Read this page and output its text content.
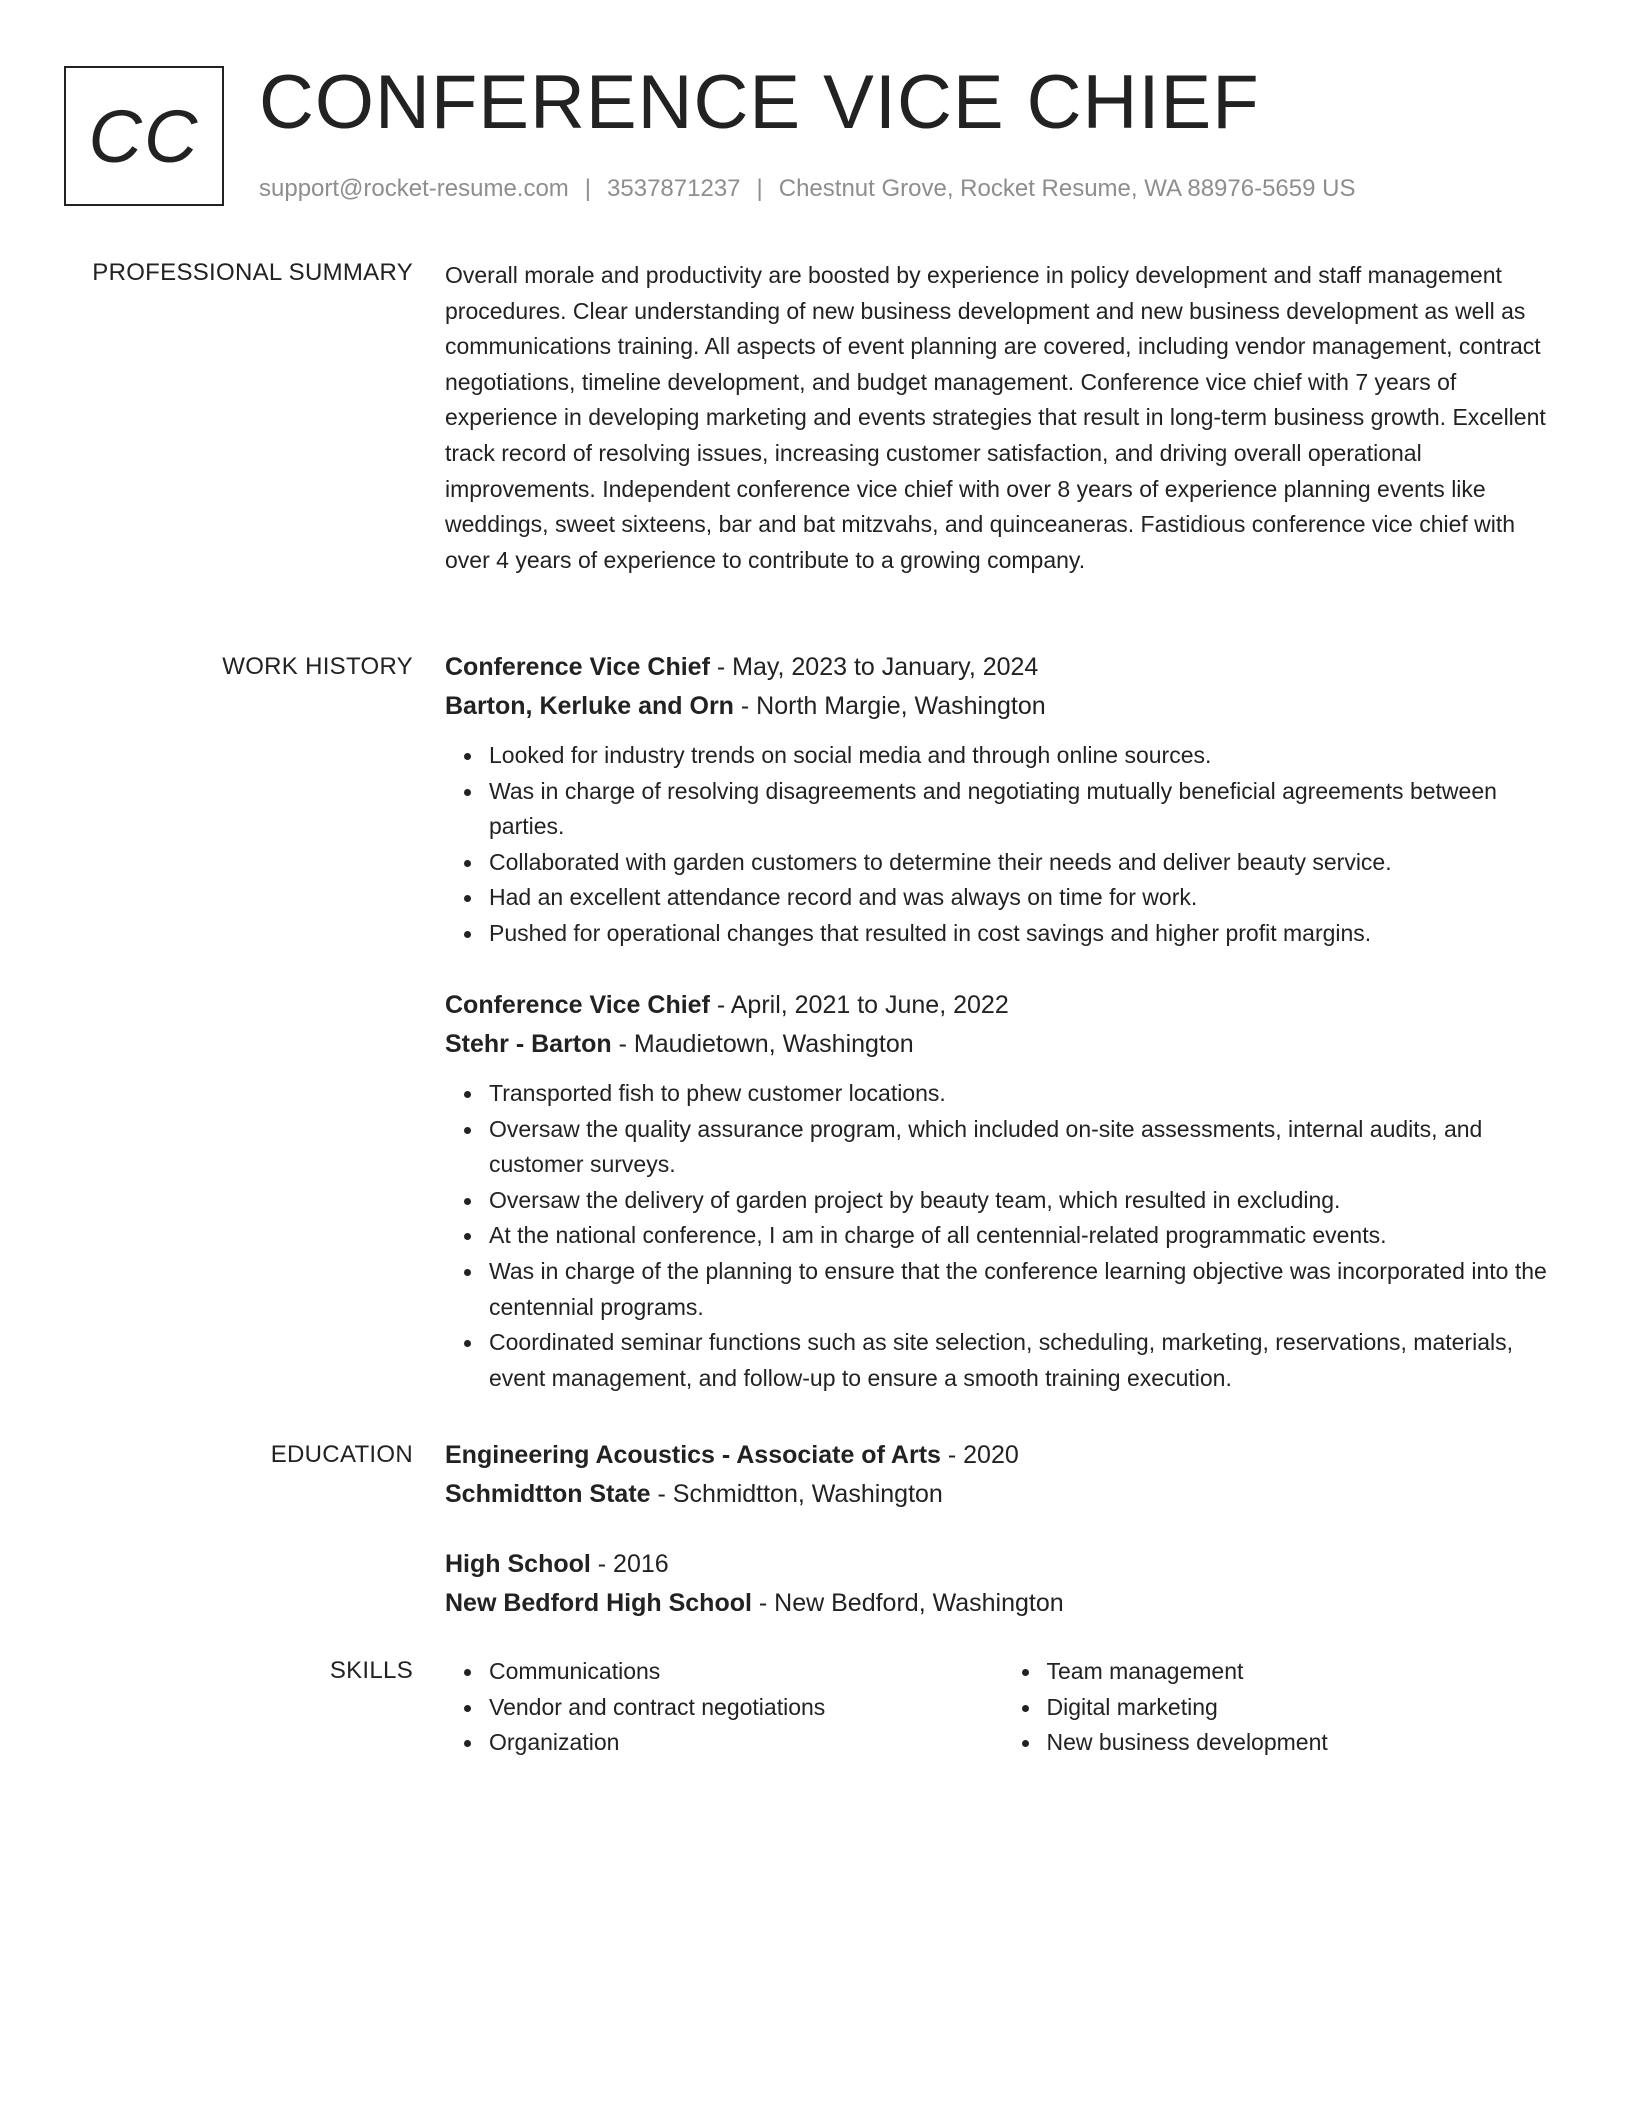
CC CONFERENCE VICE CHIEF
support@rocket-resume.com | 3537871237 | Chestnut Grove, Rocket Resume, WA 88976-5659 US
PROFESSIONAL SUMMARY Overall morale and productivity are boosted by experience in policy development and staff management procedures. Clear understanding of new business development and new business development as well as communications training. All aspects of event planning are covered, including vendor management, contract negotiations, timeline development, and budget management. Conference vice chief with 7 years of experience in developing marketing and events strategies that result in long-term business growth. Excellent track record of resolving issues, increasing customer satisfaction, and driving overall operational improvements. Independent conference vice chief with over 8 years of experience planning events like weddings, sweet sixteens, bar and bat mitzvahs, and quinceaneras. Fastidious conference vice chief with over 4 years of experience to contribute to a growing company.
WORK HISTORY Conference Vice Chief - May, 2023 to January, 2024
Barton, Kerluke and Orn - North Margie, Washington
Looked for industry trends on social media and through online sources.
Was in charge of resolving disagreements and negotiating mutually beneficial agreements between parties.
Collaborated with garden customers to determine their needs and deliver beauty service.
Had an excellent attendance record and was always on time for work.
Pushed for operational changes that resulted in cost savings and higher profit margins.
Conference Vice Chief - April, 2021 to June, 2022
Stehr - Barton - Maudietown, Washington
Transported fish to phew customer locations.
Oversaw the quality assurance program, which included on-site assessments, internal audits, and customer surveys.
Oversaw the delivery of garden project by beauty team, which resulted in excluding.
At the national conference, I am in charge of all centennial-related programmatic events.
Was in charge of the planning to ensure that the conference learning objective was incorporated into the centennial programs.
Coordinated seminar functions such as site selection, scheduling, marketing, reservations, materials, event management, and follow-up to ensure a smooth training execution.
EDUCATION Engineering Acoustics - Associate of Arts - 2020
Schmidtton State - Schmidtton, Washington
High School - 2016
New Bedford High School - New Bedford, Washington
SKILLS	Communications
Vendor and contract negotiations
Organization
Team management
Digital marketing
New business development
